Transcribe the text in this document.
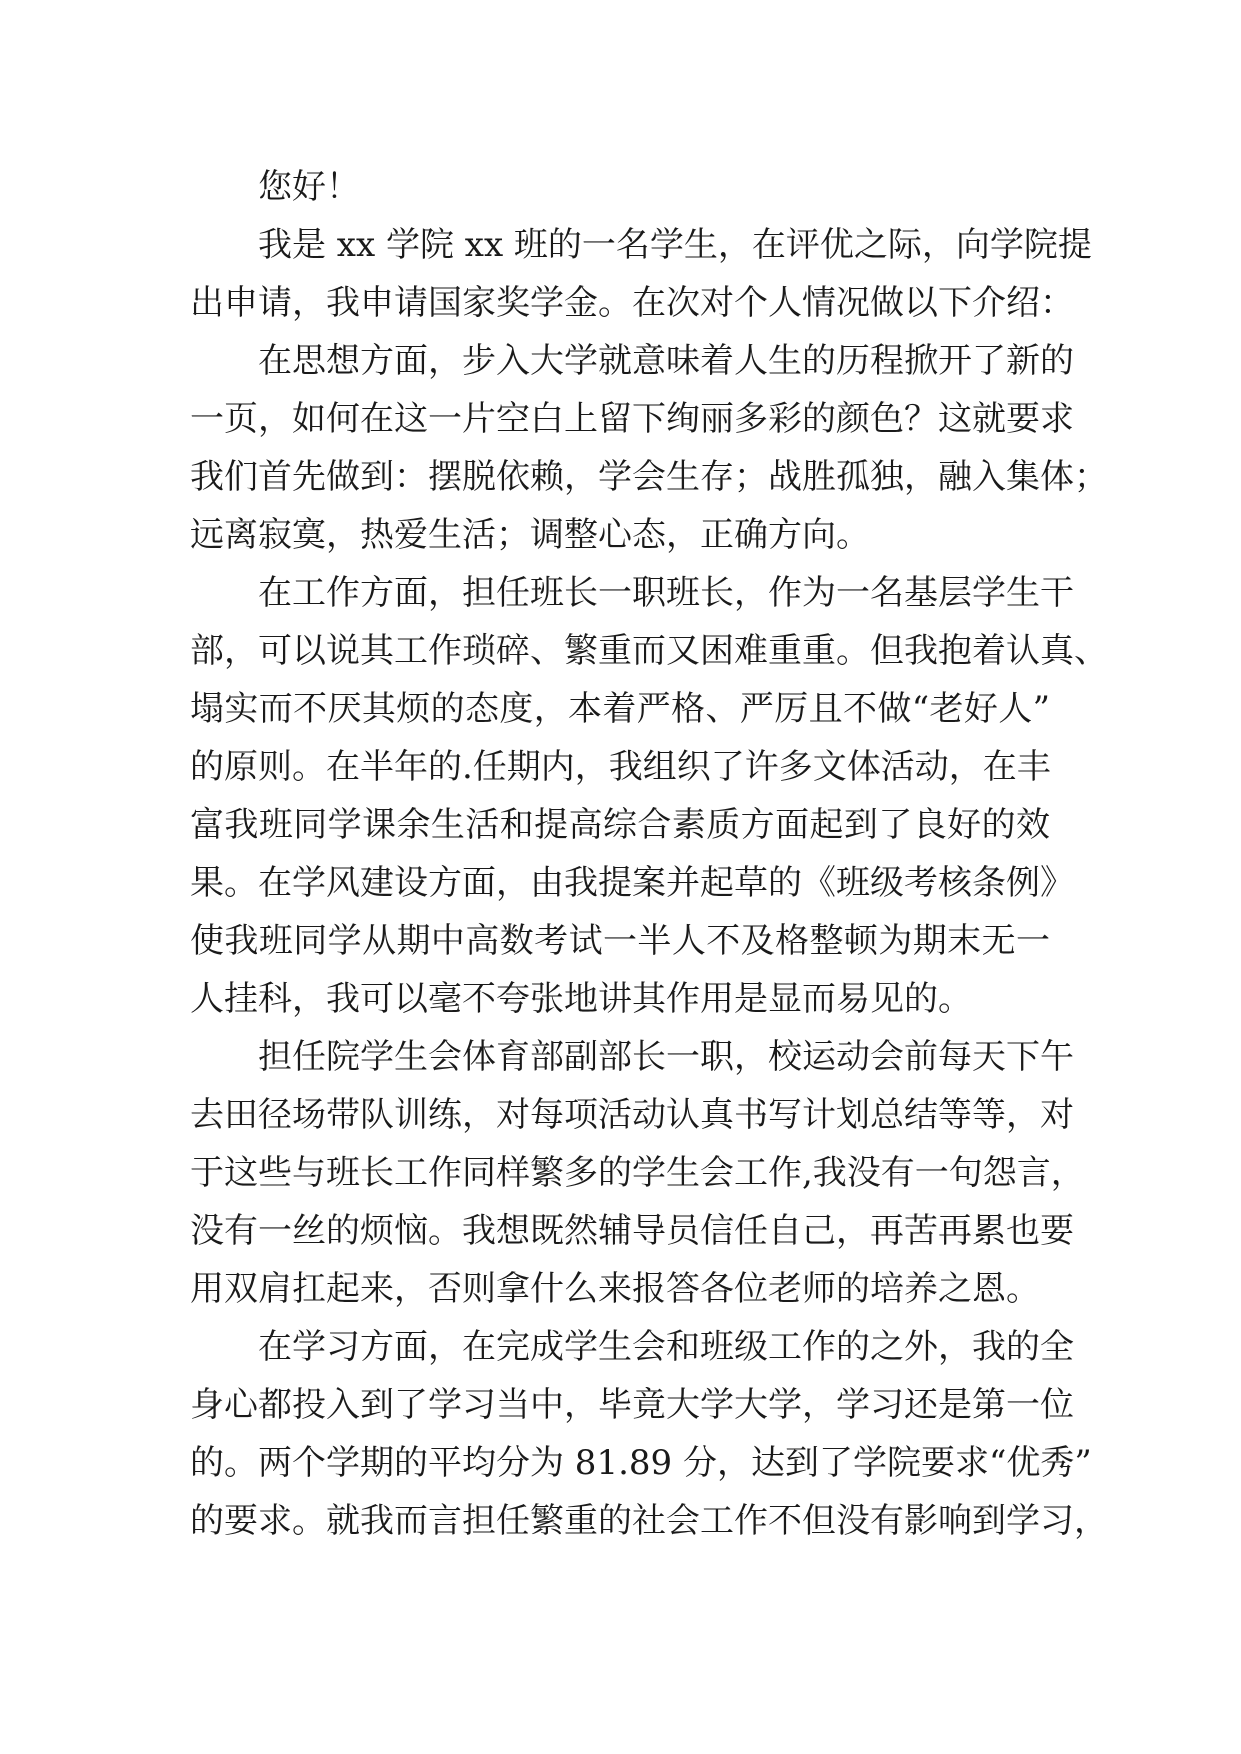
您好！
我是 xx 学院 xx 班的一名学生，在评优之际，向学院提
出申请，我申请国家奖学金。在次对个人情况做以下介绍：
在思想方面，步入大学就意味着人生的历程掀开了新的
一页，如何在这一片空白上留下绚丽多彩的颜色？这就要求
我们首先做到：摆脱依赖，学会生存；战胜孤独，融入集体；
远离寂寞，热爱生活；调整心态，正确方向。
在工作方面，担任班长一职班长，作为一名基层学生干
部，可以说其工作琐碎、繁重而又困难重重。但我抱着认真、
塌实而不厌其烦的态度，本着严格、严厉且不做“老好人”
的原则。在半年的.任期内，我组织了许多文体活动，在丰
富我班同学课余生活和提高综合素质方面起到了良好的效
果。在学风建设方面，由我提案并起草的《班级考核条例》
使我班同学从期中高数考试一半人不及格整顿为期末无一
人挂科，我可以毫不夸张地讲其作用是显而易见的。
担任院学生会体育部副部长一职，校运动会前每天下午
去田径场带队训练，对每项活动认真书写计划总结等等，对
于这些与班长工作同样繁多的学生会工作,我没有一句怨言，
没有一丝的烦恼。我想既然辅导员信任自己，再苦再累也要
用双肩扛起来，否则拿什么来报答各位老师的培养之恩。
在学习方面，在完成学生会和班级工作的之外，我的全
身心都投入到了学习当中，毕竟大学大学，学习还是第一位
的。两个学期的平均分为 81.89 分，达到了学院要求“优秀”
的要求。就我而言担任繁重的社会工作不但没有影响到学习，
